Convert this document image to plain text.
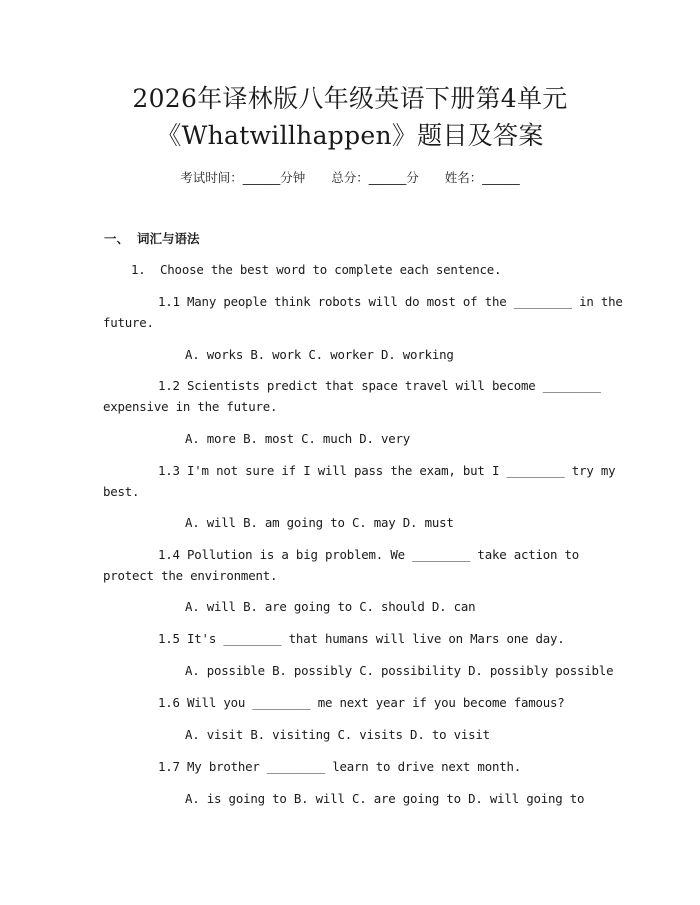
2026年译林版八年级英语下册第4单元
《Whatwillhappen》题目及答案
考试时间：______分钟 总分：______分 姓名：______
一、 词汇与语法
1.  Choose the best word to complete each sentence.
1.1 Many people think robots will do most of the ________ in the
future.
A. works B. work C. worker D. working
1.2 Scientists predict that space travel will become ________
expensive in the future.
A. more B. most C. much D. very
1.3 I'm not sure if I will pass the exam, but I ________ try my
best.
A. will B. am going to C. may D. must
1.4 Pollution is a big problem. We ________ take action to
protect the environment.
A. will B. are going to C. should D. can
1.5 It's ________ that humans will live on Mars one day.
A. possible B. possibly C. possibility D. possibly possible
1.6 Will you ________ me next year if you become famous?
A. visit B. visiting C. visits D. to visit
1.7 My brother ________ learn to drive next month.
A. is going to B. will C. are going to D. will going to
